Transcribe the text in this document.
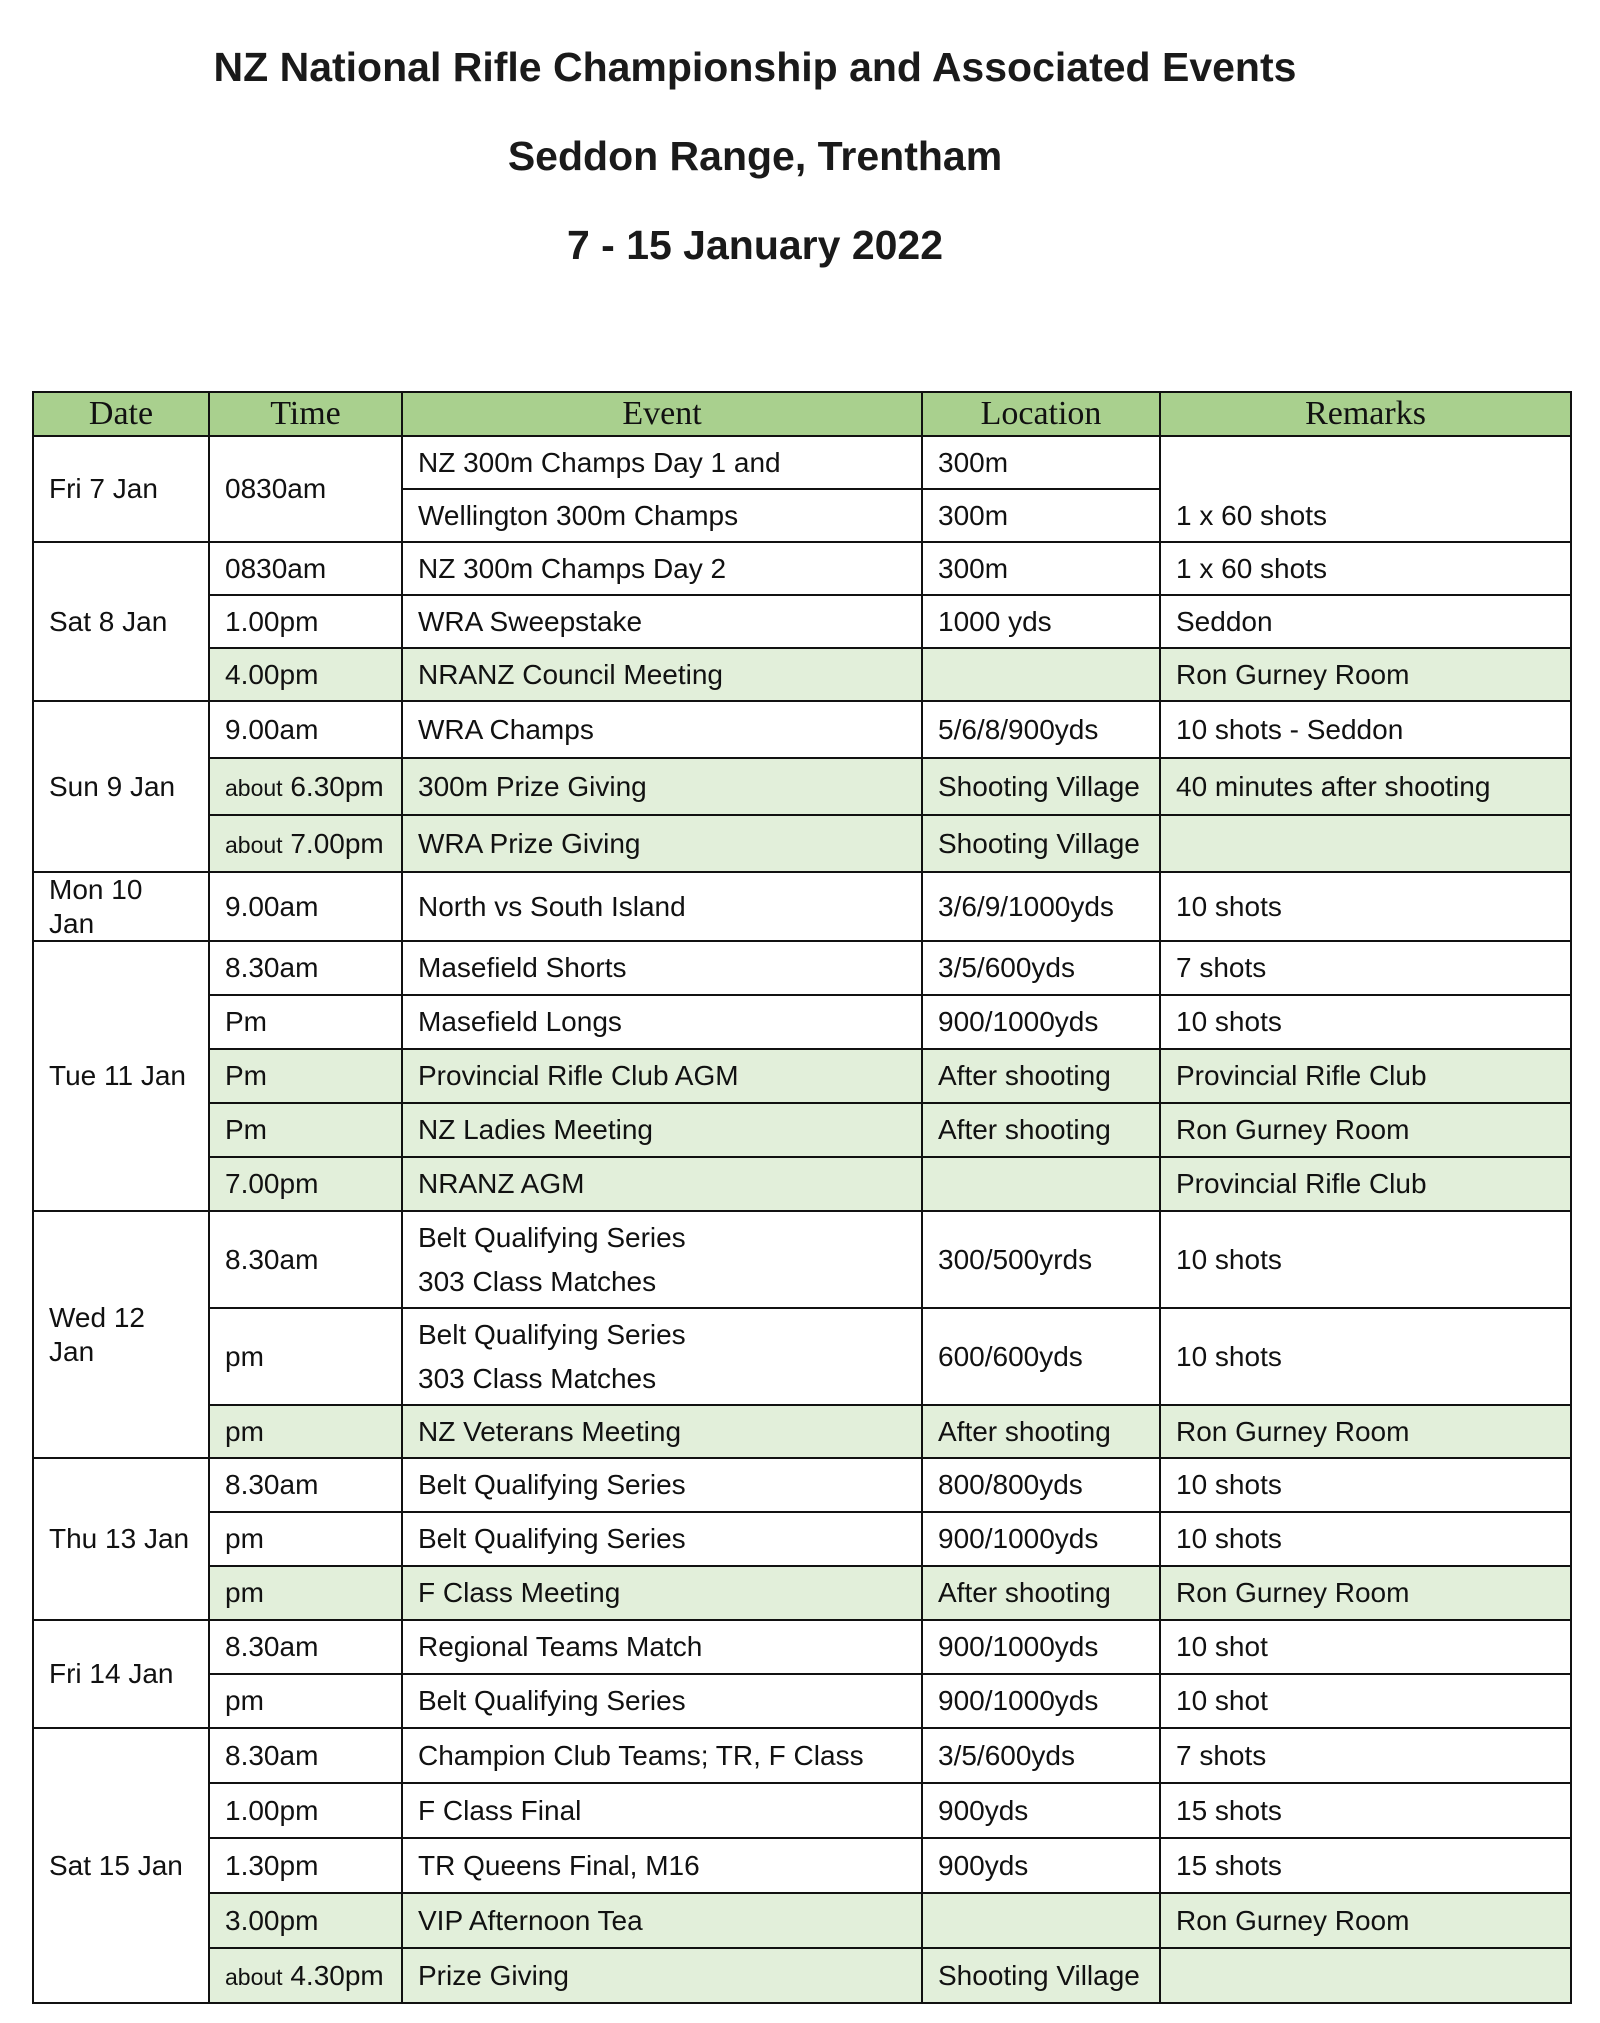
NZ National Rifle Championship and Associated Events
Seddon Range, Trentham
7 - 15 January 2022
Date	Time	Event	Location	Remarks
Fri 7 Jan	0830am	NZ 300m Champs Day 1 and	300m	1 x 60 shots
		Wellington 300m Champs	300m	
Sat 8 Jan	0830am	NZ 300m Champs Day 2	300m	1 x 60 shots
	1.00pm	WRA Sweepstake	1000 yds	Seddon
	4.00pm	NRANZ Council Meeting		Ron Gurney Room
Sun 9 Jan	9.00am	WRA Champs	5/6/8/900yds	10 shots - Seddon
	about 6.30pm	300m Prize Giving	Shooting Village	40 minutes after shooting
	about 7.00pm	WRA Prize Giving	Shooting Village	
Mon 10 Jan	9.00am	North vs South Island	3/6/9/1000yds	10 shots
Tue 11 Jan	8.30am	Masefield Shorts	3/5/600yds	7 shots
	Pm	Masefield Longs	900/1000yds	10 shots
	Pm	Provincial Rifle Club AGM	After shooting	Provincial Rifle Club
	Pm	NZ Ladies Meeting	After shooting	Ron Gurney Room
	7.00pm	NRANZ AGM		Provincial Rifle Club
Wed 12 Jan	8.30am	Belt Qualifying Series
303 Class Matches	300/500yrds	10 shots
	pm	Belt Qualifying Series
303 Class Matches	600/600yds	10 shots
	pm	NZ Veterans Meeting	After shooting	Ron Gurney Room
Thu 13 Jan	8.30am	Belt Qualifying Series	800/800yds	10 shots
	pm	Belt Qualifying Series	900/1000yds	10 shots
	pm	F Class Meeting	After shooting	Ron Gurney Room
Fri 14 Jan	8.30am	Regional Teams Match	900/1000yds	10 shot
	pm	Belt Qualifying Series	900/1000yds	10 shot
Sat 15 Jan	8.30am	Champion Club Teams; TR, F Class	3/5/600yds	7 shots
	1.00pm	F Class Final	900yds	15 shots
	1.30pm	TR Queens Final, M16	900yds	15 shots
	3.00pm	VIP Afternoon Tea		Ron Gurney Room
	about 4.30pm	Prize Giving	Shooting Village	
